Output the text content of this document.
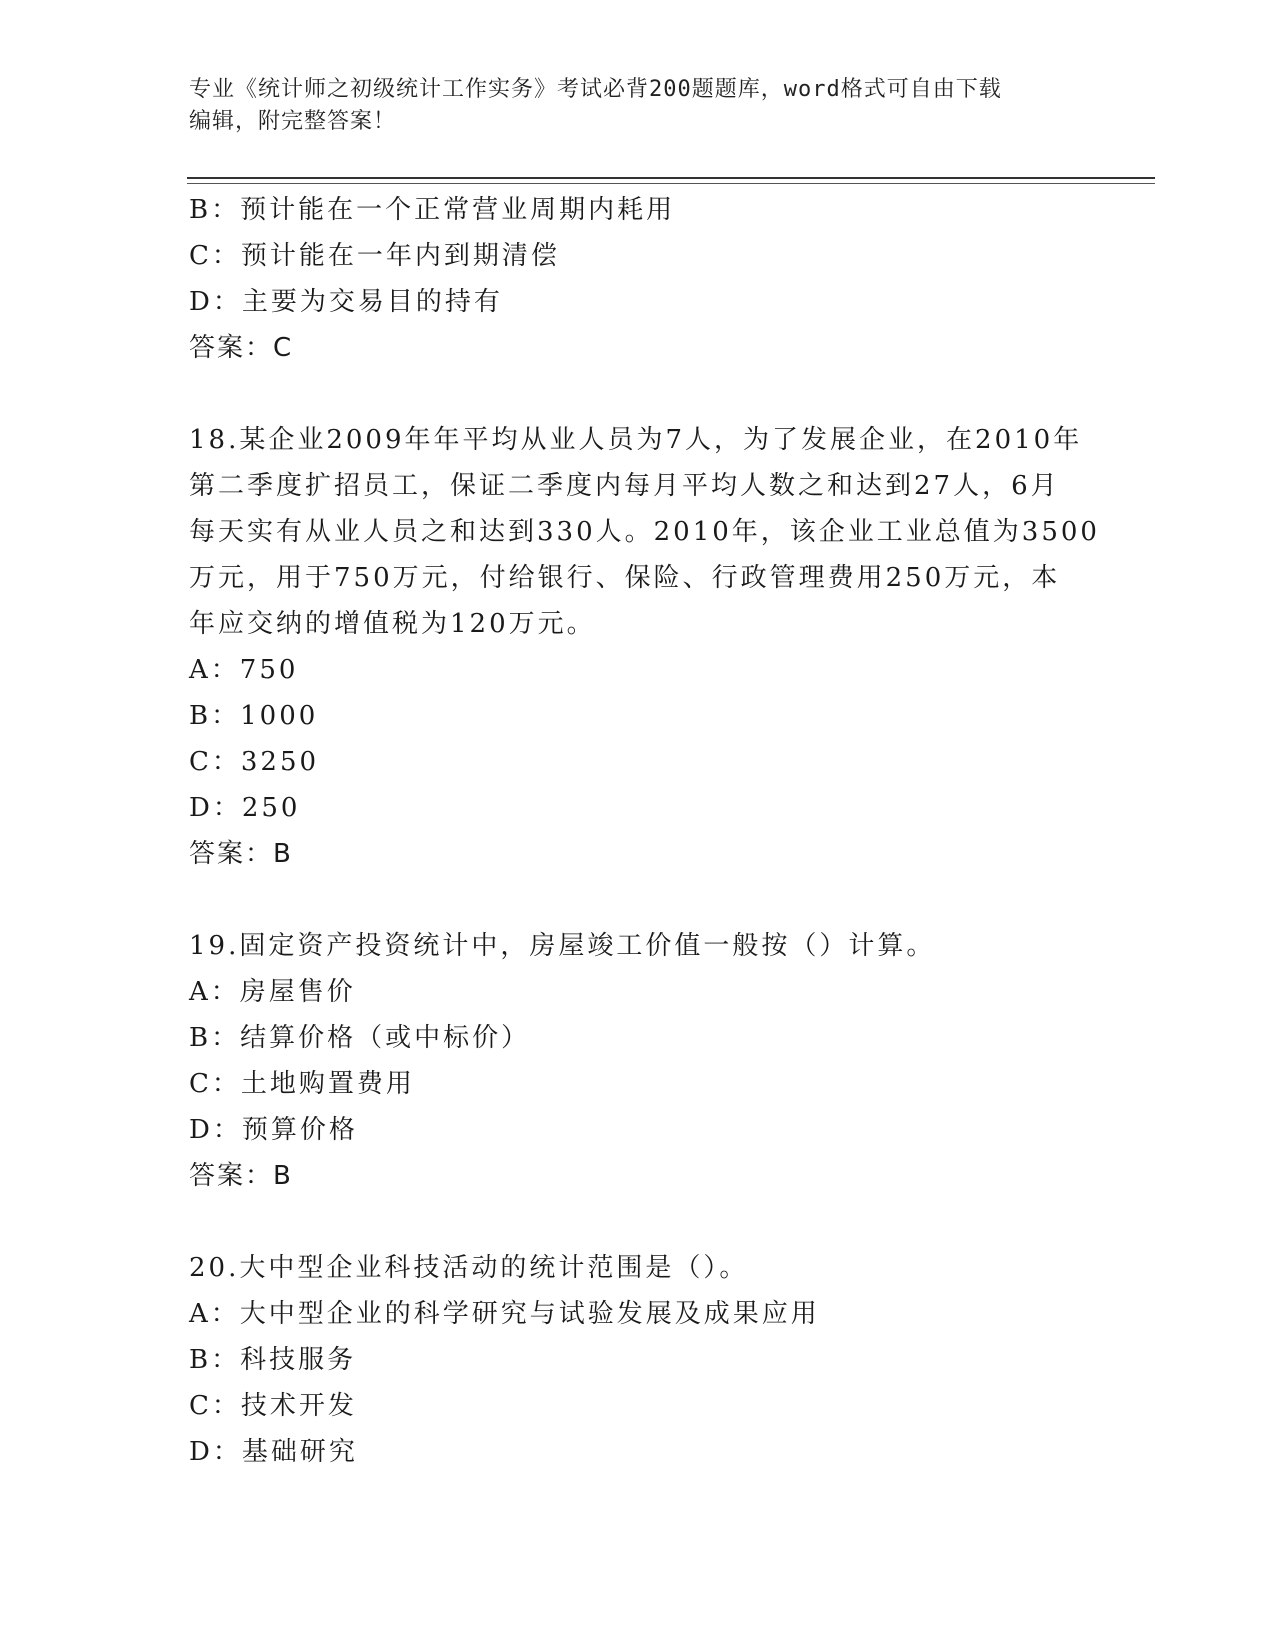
专业《统计师之初级统计工作实务》考试必背200题题库，word格式可自由下载
编辑，附完整答案！
B：预计能在一个正常营业周期内耗用
C：预计能在一年内到期清偿
D：主要为交易目的持有
答案：C
18.某企业2009年年平均从业人员为7人，为了发展企业，在2010年
第二季度扩招员工，保证二季度内每月平均人数之和达到27人，6月
每天实有从业人员之和达到330人。2010年，该企业工业总值为3500
万元，用于750万元，付给银行、保险、行政管理费用250万元，本
年应交纳的增值税为120万元。
A：750
B：1000
C：3250
D：250
答案：B
19.固定资产投资统计中，房屋竣工价值一般按（）计算。
A：房屋售价
B：结算价格（或中标价）
C：土地购置费用
D：预算价格
答案：B
20.大中型企业科技活动的统计范围是（）。
A：大中型企业的科学研究与试验发展及成果应用
B：科技服务
C：技术开发
D：基础研究
